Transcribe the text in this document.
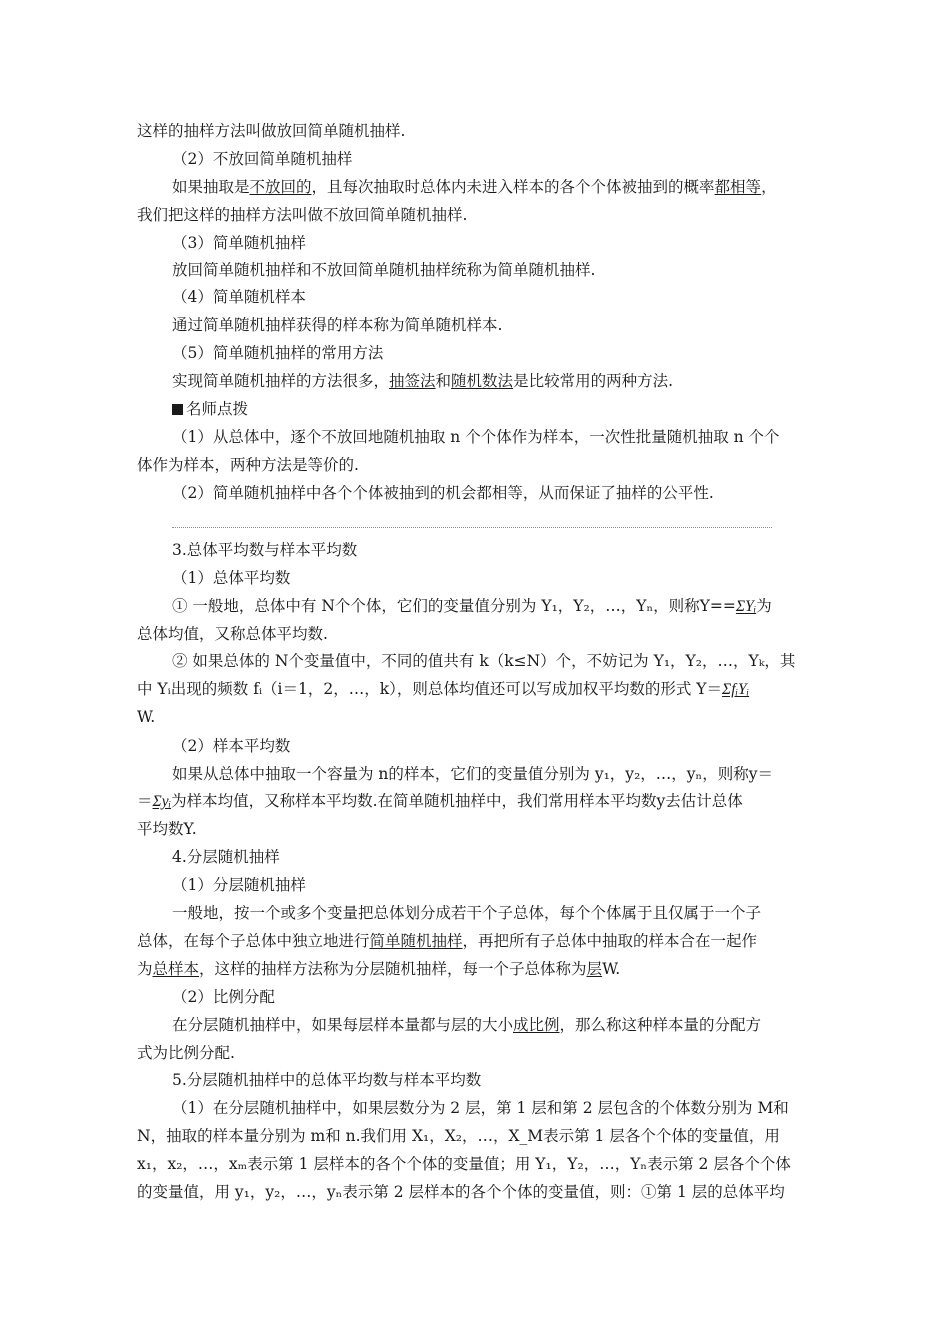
这样的抽样方法叫做放回简单随机抽样.
（2）不放回简单随机抽样
如果抽取是不放回的，且每次抽取时总体内未进入样本的各个个体被抽到的概率都相等，
我们把这样的抽样方法叫做不放回简单随机抽样.
（3）简单随机抽样
放回简单随机抽样和不放回简单随机抽样统称为简单随机抽样.
（4）简单随机样本
通过简单随机抽样获得的样本称为简单随机样本.
（5）简单随机抽样的常用方法
实现简单随机抽样的方法很多，抽签法和随机数法是比较常用的两种方法.
名师点拨
（1）从总体中，逐个不放回地随机抽取 n 个个体作为样本，一次性批量随机抽取 n 个个
体作为样本，两种方法是等价的.
（2）简单随机抽样中各个个体被抽到的机会都相等，从而保证了抽样的公平性.
3.总体平均数与样本平均数
（1）总体平均数
① 一般地，总体中有 N个个体，它们的变量值分别为 Y₁，Y₂，…，Yₙ，则称Y==ΣYᵢ为
总体均值，又称总体平均数.
② 如果总体的 N个变量值中，不同的值共有 k（k≤N）个，不妨记为 Y₁，Y₂，…，Yₖ，其
中 Yᵢ出现的频数 fᵢ（i＝1，2，…，k），则总体均值还可以写成加权平均数的形式 Y＝ΣfᵢYᵢ
W.
（2）样本平均数
如果从总体中抽取一个容量为 n的样本，它们的变量值分别为 y₁，y₂，…，yₙ，则称y＝
＝Σyᵢ为样本均值，又称样本平均数.在简单随机抽样中，我们常用样本平均数y去估计总体
平均数Y.
4.分层随机抽样
（1）分层随机抽样
一般地，按一个或多个变量把总体划分成若干个子总体，每个个体属于且仅属于一个子
总体，在每个子总体中独立地进行简单随机抽样，再把所有子总体中抽取的样本合在一起作
为总样本，这样的抽样方法称为分层随机抽样，每一个子总体称为层W.
（2）比例分配
在分层随机抽样中，如果每层样本量都与层的大小成比例，那么称这种样本量的分配方
式为比例分配.
5.分层随机抽样中的总体平均数与样本平均数
（1）在分层随机抽样中，如果层数分为 2 层，第 1 层和第 2 层包含的个体数分别为 M和
N，抽取的样本量分别为 m和 n.我们用 X₁，X₂，…，X_M表示第 1 层各个个体的变量值，用
x₁，x₂，…，xₘ表示第 1 层样本的各个个体的变量值；用 Y₁，Y₂，…，Yₙ表示第 2 层各个个体
的变量值，用 y₁，y₂，…，yₙ表示第 2 层样本的各个个体的变量值，则：①第 1 层的总体平均
